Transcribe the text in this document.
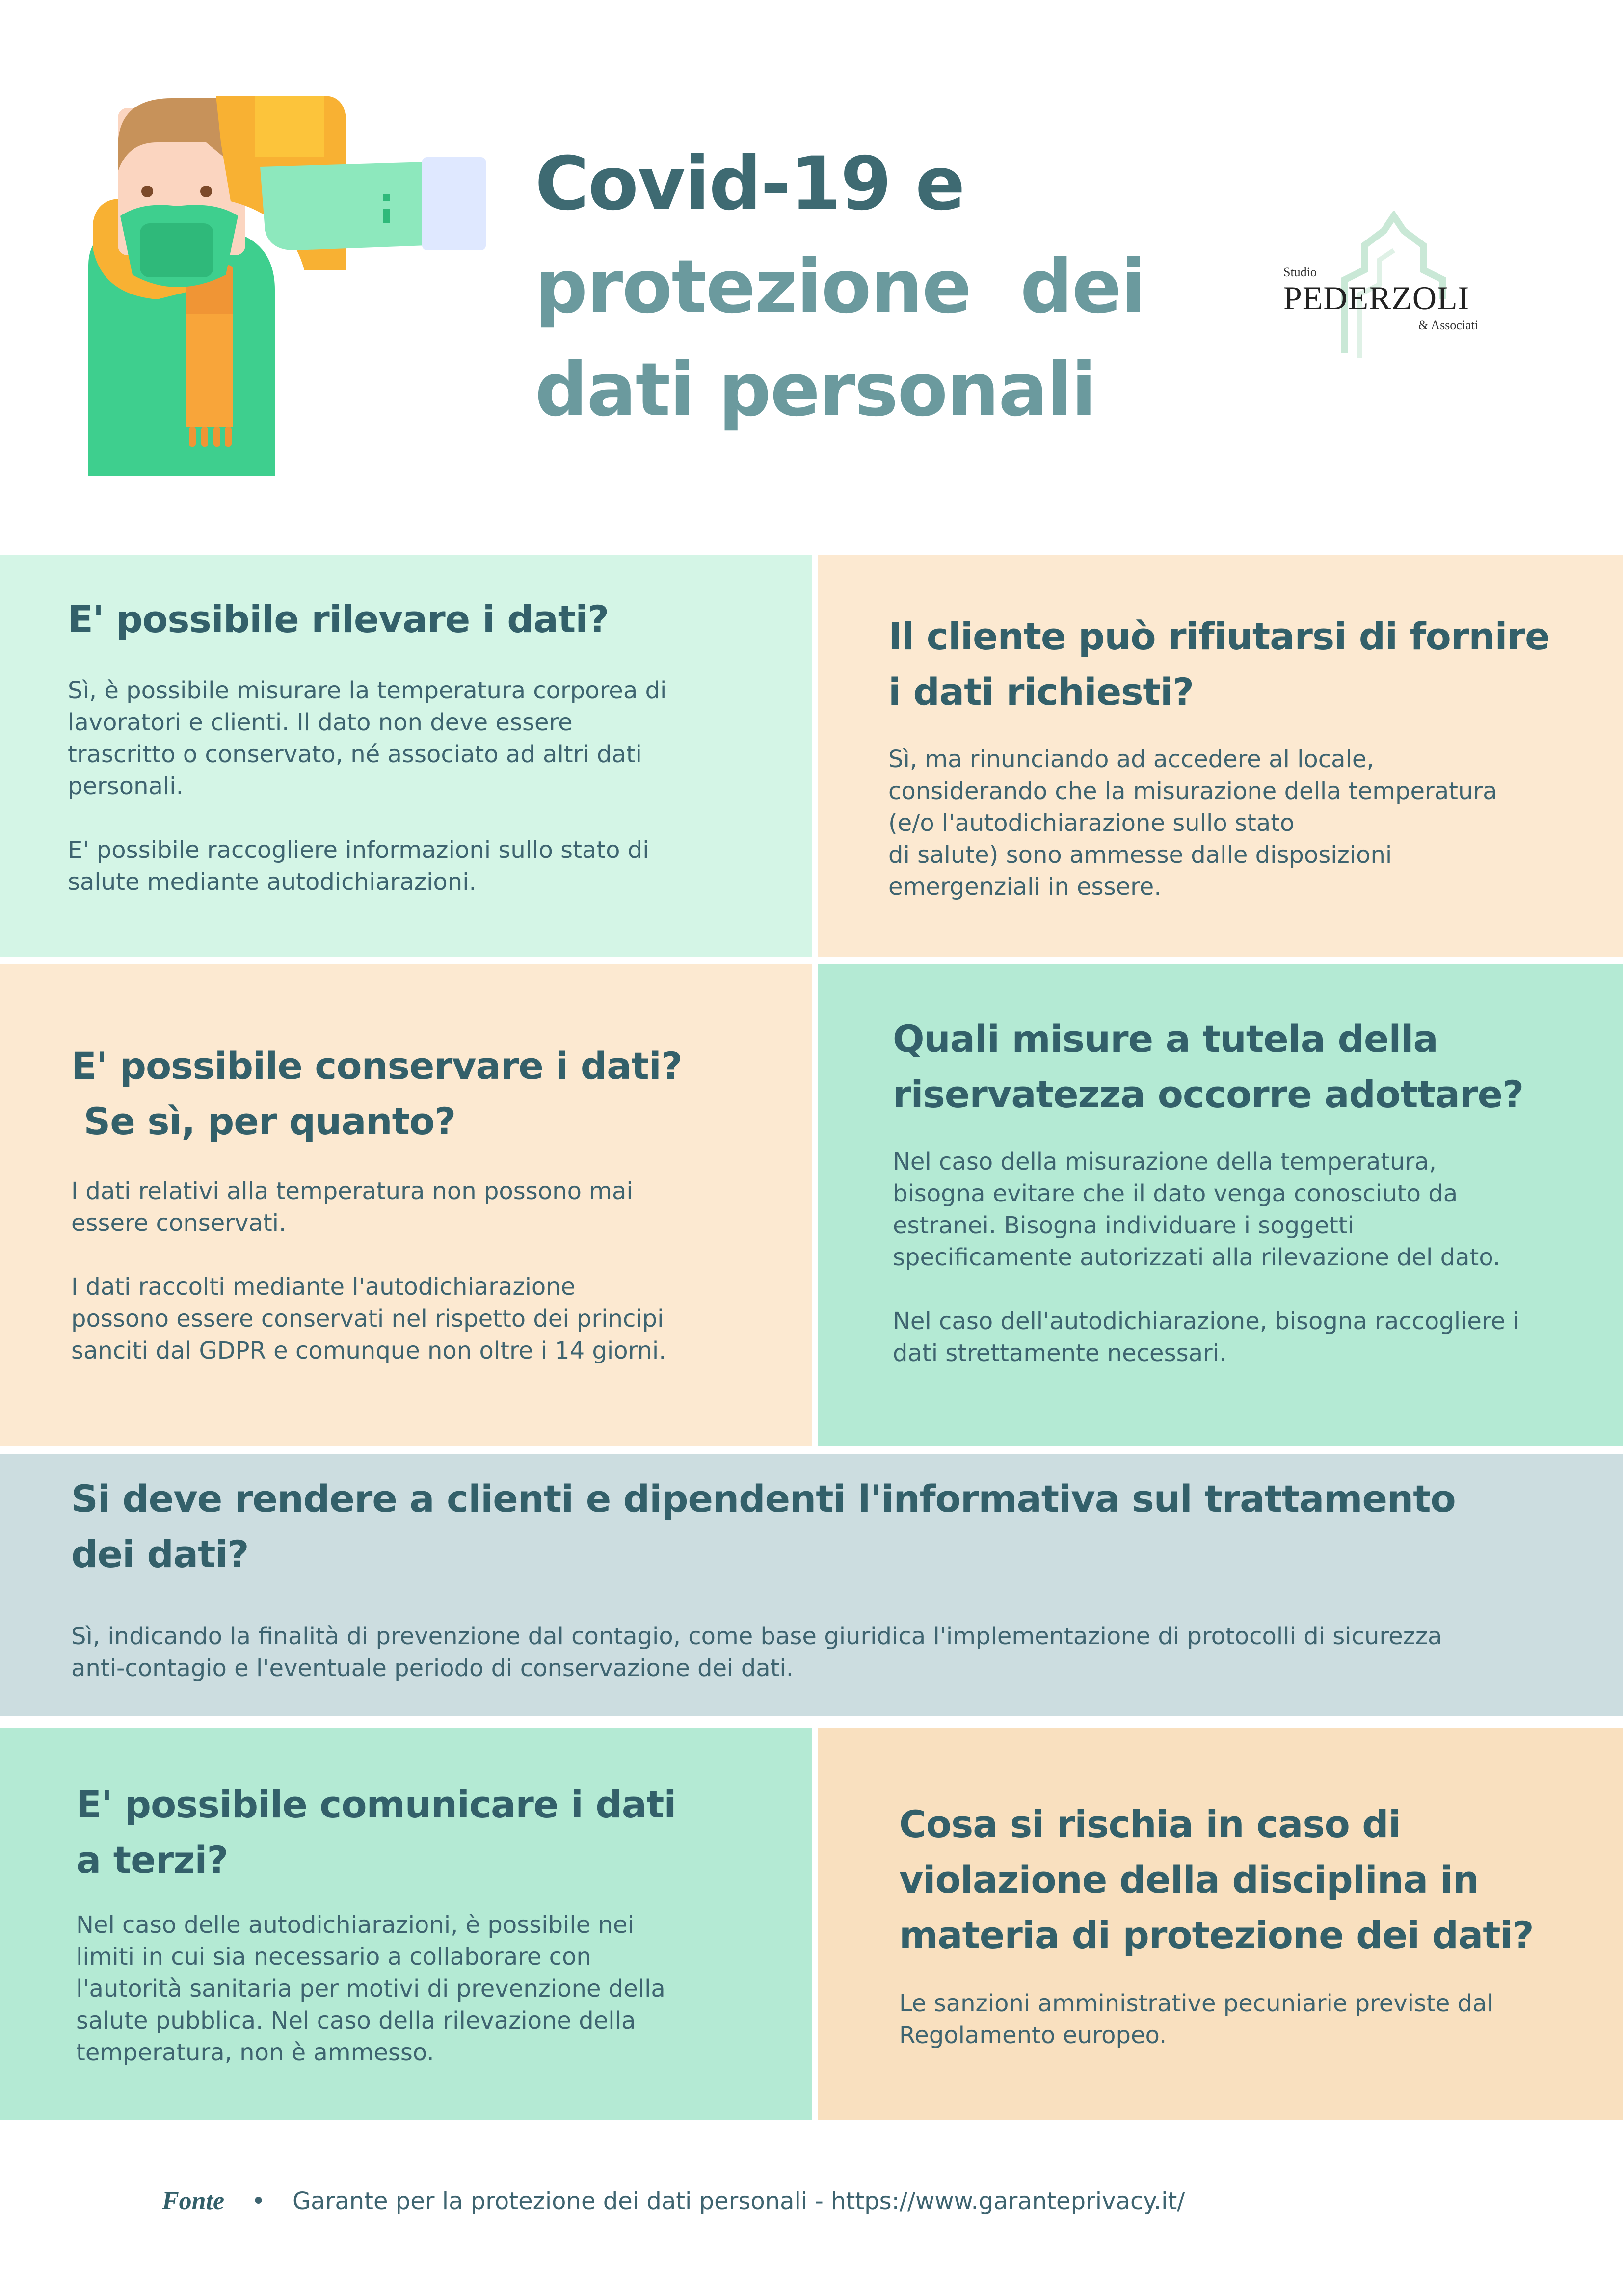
Covid-19 e
protezione  dei
dati personali
Studio
PEDERZOLI
& Associati
E' possibile rilevare i dati?
Sì, è possibile misurare la temperatura corporea di
lavoratori e clienti. Il dato non deve essere
trascritto o conservato, né associato ad altri dati
personali.

E' possibile raccogliere informazioni sullo stato di
salute mediante autodichiarazioni.
Il cliente può rifiutarsi di fornire
i dati richiesti?
Sì, ma rinunciando ad accedere al locale,
considerando che la misurazione della temperatura
(e/o l'autodichiarazione sullo stato
di salute) sono ammesse dalle disposizioni
emergenziali in essere.
E' possibile conservare i dati?
Se sì, per quanto?
I dati relativi alla temperatura non possono mai
essere conservati.

I dati raccolti mediante l'autodichiarazione
possono essere conservati nel rispetto dei principi
sanciti dal GDPR e comunque non oltre i 14 giorni.
Quali misure a tutela della
riservatezza occorre adottare?
Nel caso della misurazione della temperatura,
bisogna evitare che il dato venga conosciuto da
estranei. Bisogna individuare i soggetti
specificamente autorizzati alla rilevazione del dato.

Nel caso dell'autodichiarazione, bisogna raccogliere i
dati strettamente necessari.
Si deve rendere a clienti e dipendenti l'informativa sul trattamento
dei dati?
Sì, indicando la finalità di prevenzione dal contagio, come base giuridica l'implementazione di protocolli di sicurezza
anti-contagio e l'eventuale periodo di conservazione dei dati.
E' possibile comunicare i dati
a terzi?
Nel caso delle autodichiarazioni, è possibile nei
limiti in cui sia necessario a collaborare con
l'autorità sanitaria per motivi di prevenzione della
salute pubblica. Nel caso della rilevazione della
temperatura, non è ammesso.
Cosa si rischia in caso di
violazione della disciplina in
materia di protezione dei dati?
Le sanzioni amministrative pecuniarie previste dal
Regolamento europeo.
Fonte • Garante per la protezione dei dati personali - https://www.garanteprivacy.it/
